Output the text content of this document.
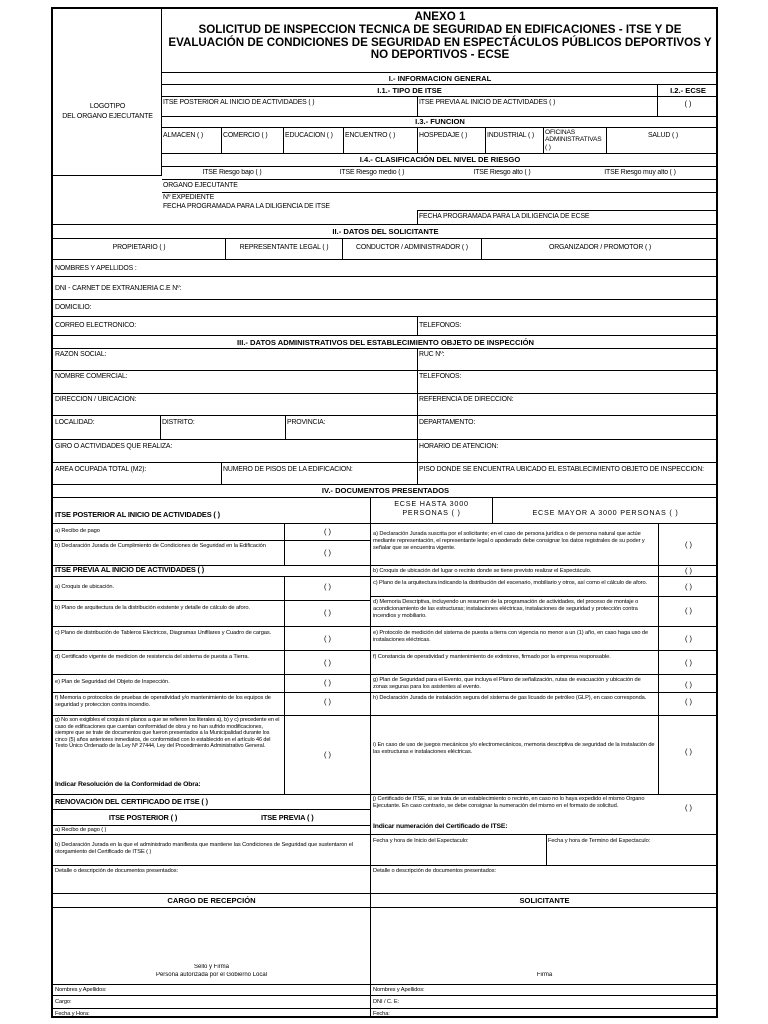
LOGOTIPO
DEL ORGANO EJECUTANTE
ANEXO 1
SOLICITUD DE INSPECCIÓN TÉCNICA DE SEGURIDAD EN EDIFICACIONES - ITSE Y DE EVALUACIÓN DE CONDICIONES DE SEGURIDAD EN ESPECTÁCULOS PÚBLICOS DEPORTIVOS Y NO DEPORTIVOS - ECSE
I.- INFORMACION GENERAL
I.1.- TIPO DE ITSE	I.2.- ECSE
ITSE POSTERIOR AL INICIO DE ACTIVIDADES ( )	ITSE PREVIA AL INICIO DE ACTIVIDADES ( )	( )
I.3.- FUNCION
ALMACEN ( )	COMERCIO ( )	EDUCACION ( )	ENCUENTRO ( )	HOSPEDAJE ( )	INDUSTRIAL ( )	OFICINAS ADMINISTRATIVAS ( )
SALUD ( )
I.4.- CLASIFICACIÓN DEL NIVEL DE RIESGO
ITSE Riesgo bajo ( )	ITSE Riesgo medio ( )	ITSE Riesgo alto ( )	ITSE Riesgo muy alto ( )
ORGANO EJECUTANTE
Nº EXPEDIENTE
FECHA PROGRAMADA PARA LA DILIGENCIA DE ITSE
FECHA PROGRAMADA PARA LA DILIGENCIA DE ECSE
II.- DATOS DEL SOLICITANTE
PROPIETARIO ( )	REPRESENTANTE LEGAL ( )	CONDUCTOR / ADMINISTRADOR ( )	ORGANIZADOR / PROMOTOR ( )
NOMBRES Y APELLIDOS :
DNI - CARNET DE EXTRANJERIA C.E Nº:
DOMICILIO:
CORREO ELECTRÓNICO:	TELEFONOS:
III.- DATOS ADMINISTRATIVOS DEL ESTABLECIMIENTO OBJETO DE INSPECCIÓN
RAZON SOCIAL:	RUC Nº:
NOMBRE COMERCIAL:	TELEFONOS:
DIRECCION / UBICACION:	REFERENCIA DE DIRECCION:
LOCALIDAD:	DISTRITO:	PROVINCIA:	DEPARTAMENTO:
GIRO O ACTIVIDADES QUE REALIZA:	HORARIO DE ATENCION:
AREA OCUPADA TOTAL (M2):	NUMERO DE PISOS DE LA EDIFICACION:	PISO DONDE SE ENCUENTRA UBICADO EL ESTABLECIMIENTO OBJETO DE INSPECCION:
IV.- DOCUMENTOS PRESENTADOS
ITSE POSTERIOR AL INICIO DE ACTIVIDADES ( )
ECSE HASTA 3000 PERSONAS ( )	ECSE MAYOR A 3000 PERSONAS ( )
a) Recibo de pago	( )
b) Declaración Jurada de Cumplimiento de Condiciones de Seguridad en la Edificación
( )
ITSE PREVIA AL INICIO DE ACTIVIDADES ( )
a) Croquis de ubicación.	( )
b) Plano de arquitectura de la distribución existente y detalle de cálculo de aforo.	( )
c) Plano de distribución de Tableros Electricos, Diagramas Unifilares y Cuadro de cargas.
( )
d) Certificado vigente de medicion de resistencia del sistema de puesta a Tierra.
( )
e) Plan de Seguridad del Objeto de Inspección.	( )
f) Memoria o protocolos de pruebas de operatividad y/o mantenimiento de los equipos de seguridad y proteccion contra incendio.	( )
g) No son exigibles el croquis ni planos a que se refieren los literales a), b) y c) precedente en el caso de edificaciones que cuentan conformidad de obra y no han sufrido modificaciones, siempre que se trate de documentos que fueron presentados a la Municipalidad durante los cinco (5) años anteriores inmediatos, de conformidad con lo establecido en el artículo 46 del Texto Único Ordenado de la Ley Nº 27444, Ley del Procedimiento Administrativo General.
( )
Indicar Resolución de la Conformidad de Obra:
a) Declaración Jurada suscrita por el solicitante; en el caso de persona jurídica o de persona natural que actúe mediante representación, el representante legal o apoderado debe consignar los datos registrales de su poder y señalar que se encuentra vigente.	( )
b) Croquis de ubicación del lugar o recinto donde se tiene previsto realizar el Espectáculo.	( )
c) Plano de la arquitectura indicando la distribución del escenario, mobiliario y otros, así como el cálculo de aforo.	( )
d) Memoria Descriptiva, incluyendo un resumen de la programación de actividades, del proceso de montaje o acondicionamiento de las estructuras; instalaciones eléctricas, instalaciones de seguridad y protección contra incendios y mobiliario.
( )
e) Protocolo de medición del sistema de puesta a tierra con vigencia no menor a un (1) año, en caso haga uso de instalaciones eléctricas.	( )
f) Constancia de operatividad y mantenimiento de extintores, firmado por la empresa responsable.
( )
g) Plan de Seguridad para el Evento, que incluya el Plano de señalización, rutas de evacuación y ubicación de zonas seguras para los asistentes al evento.	( )
h) Declaración Jurada de instalación segura del sistema de gas licuado de petróleo (GLP), en caso corresponda.	( )
i) En caso de uso de juegos mecánicos y/o electromecánicos, memoria descriptiva de seguridad de la instalación de las estructuras e instalaciones eléctricas.	( )
j) Certificado de ITSE, si se trata de un establecimiento o recinto, en caso no lo haya expedido el mismo Órgano Ejecutante. En caso contrario, se debe consignar la numeración del mismo en el formato de solicitud.	( )
Indicar numeración del Certificado de ITSE:
RENOVACIÓN DEL CERTIFICADO DE ITSE ( )
ITSE POSTERIOR ( )	ITSE PREVIA ( )
a) Recibo de pago ( )
b) Declaración Jurada en la que el administrado manifiesta que mantiene las Condiciones de Seguridad que sustentaron el otorgamiento del Certificado de ITSE ( )
Fecha y hora de Inicio del Espectaculo:	Fecha y hora de Termino del Espectaculo:
Detalle o descripción de documentos presentados:	Detalle o descripción de documentos presentados:
CARGO DE RECEPCIÓN	SOLICITANTE
Sello y Firma
Persona autorizada por el Gobierno Local	Firma
Nombres y Apellidos:	Nombres y Apellidos:
Cargo:	DNI / C. E:
Fecha y Hora:	Fecha:
